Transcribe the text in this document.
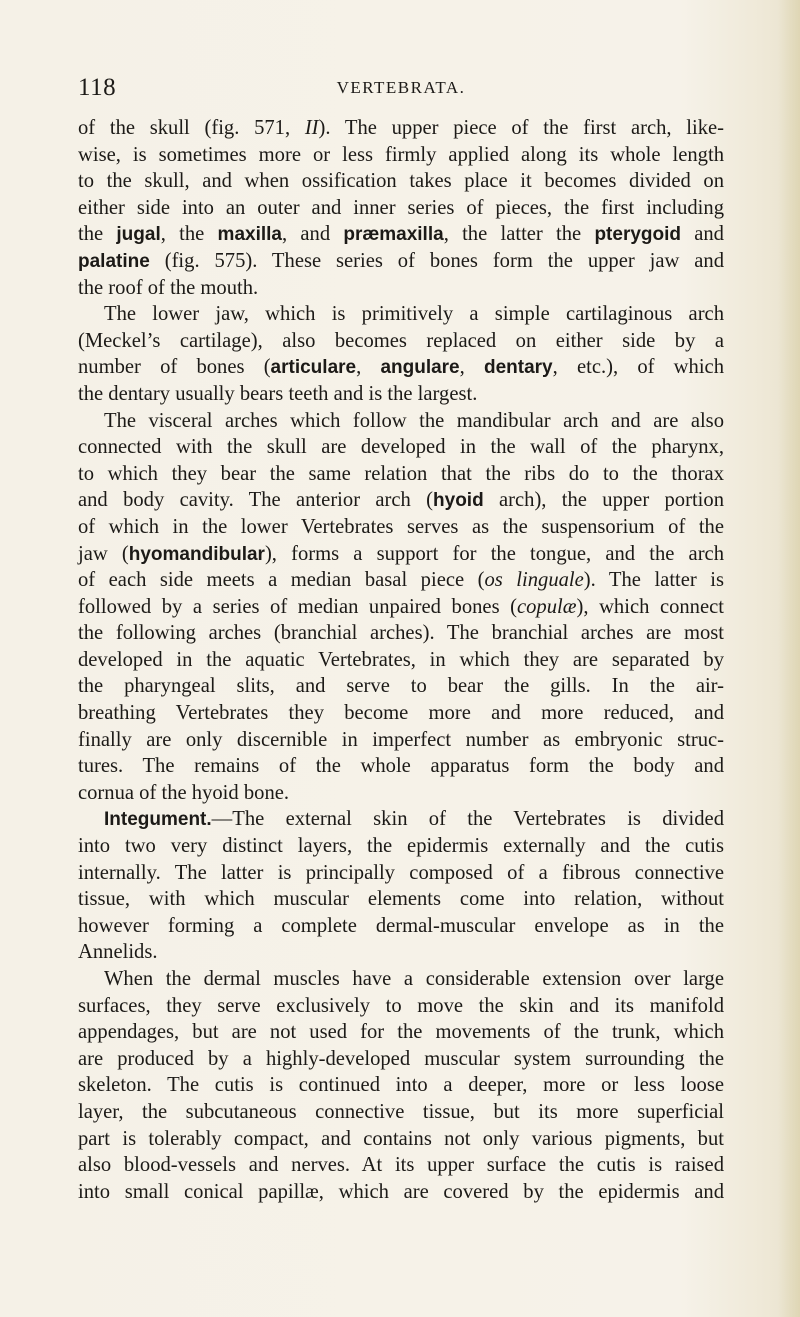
118	VERTEBRATA.
of the skull (fig. 571, II). The upper piece of the first arch, like-
wise, is sometimes more or less firmly applied along its whole length
to the skull, and when ossification takes place it becomes divided on
either side into an outer and inner series of pieces, the first including
the jugal, the maxilla, and præmaxilla, the latter the pterygoid and
palatine (fig. 575). These series of bones form the upper jaw and
the roof of the mouth.
The lower jaw, which is primitively a simple cartilaginous arch
(Meckel’s cartilage), also becomes replaced on either side by a
number of bones (articulare, angulare, dentary, etc.), of which
the dentary usually bears teeth and is the largest.
The visceral arches which follow the mandibular arch and are also
connected with the skull are developed in the wall of the pharynx,
to which they bear the same relation that the ribs do to the thorax
and body cavity. The anterior arch (hyoid arch), the upper portion
of which in the lower Vertebrates serves as the suspensorium of the
jaw (hyomandibular), forms a support for the tongue, and the arch
of each side meets a median basal piece (os linguale). The latter is
followed by a series of median unpaired bones (copulæ), which connect
the following arches (branchial arches). The branchial arches are most
developed in the aquatic Vertebrates, in which they are separated by
the pharyngeal slits, and serve to bear the gills. In the air-
breathing Vertebrates they become more and more reduced, and
finally are only discernible in imperfect number as embryonic struc-
tures. The remains of the whole apparatus form the body and
cornua of the hyoid bone.
Integument.—The external skin of the Vertebrates is divided
into two very distinct layers, the epidermis externally and the cutis
internally. The latter is principally composed of a fibrous connective
tissue, with which muscular elements come into relation, without
however forming a complete dermal-muscular envelope as in the
Annelids.
When the dermal muscles have a considerable extension over large
surfaces, they serve exclusively to move the skin and its manifold
appendages, but are not used for the movements of the trunk, which
are produced by a highly-developed muscular system surrounding the
skeleton. The cutis is continued into a deeper, more or less loose
layer, the subcutaneous connective tissue, but its more superficial
part is tolerably compact, and contains not only various pigments, but
also blood-vessels and nerves. At its upper surface the cutis is raised
into small conical papillæ, which are covered by the epidermis and
